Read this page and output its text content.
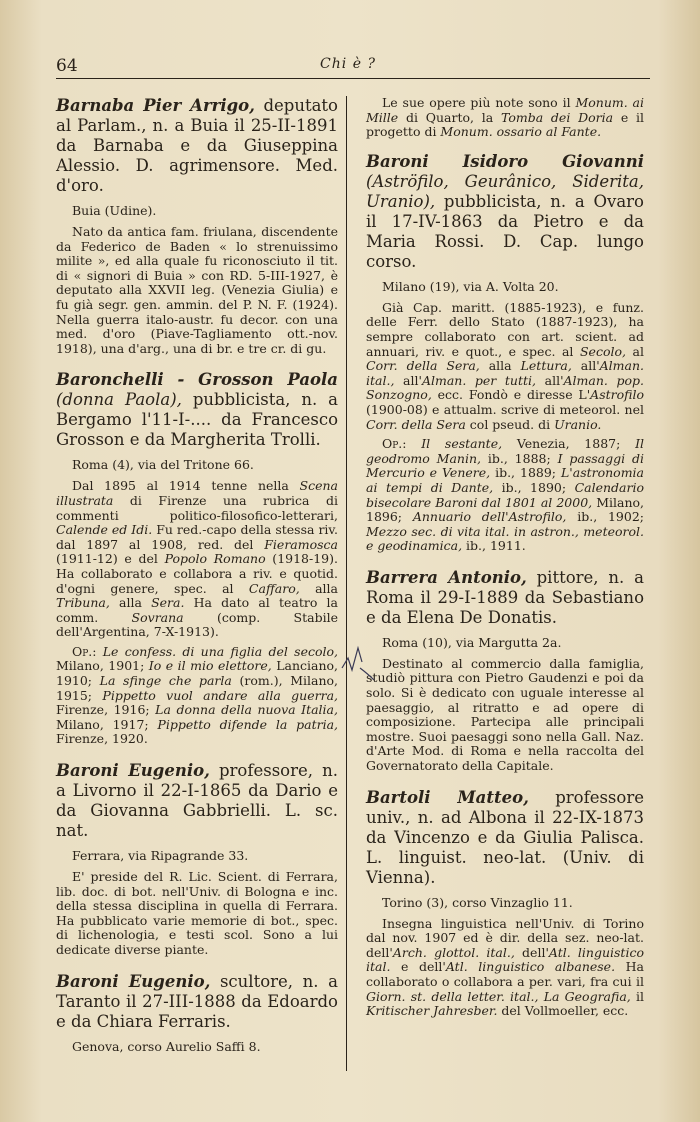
64	Chi è ?

Barnaba Pier Arrigo, deputato al Parlam., n. a Buia il 25-II-1891 da Barnaba e da Giuseppina Alessio. D. agrimensore. Med. d'oro.

Buia (Udine).

Nato da antica fam. friulana, discendente da Federico de Baden « lo strenuissimo milite », ed alla quale fu riconosciuto il tit. di « signori di Buia » con RD. 5-III-1927, è deputato alla XXVII leg. (Venezia Giulia) e fu già segr. gen. ammin. del P. N. F. (1924). Nella guerra italo-austr. fu decor. con una med. d'oro (Piave-Tagliamento ott.-nov. 1918), una d'arg., una di br. e tre cr. di gu.

Baronchelli - Grosson Paola (donna Paola), pubblicista, n. a Bergamo l'11-I-.... da Francesco Grosson e da Margherita Trolli.

Roma (4), via del Tritone 66.

Dal 1895 al 1914 tenne nella Scena illustrata di Firenze una rubrica di commenti politico-filosofico-letterari, Calende ed Idi. Fu red.-capo della stessa riv. dal 1897 al 1908, red. del Fieramosca (1911-12) e del Popolo Romano (1918-19). Ha collaborato e collabora a riv. e quotid. d'ogni genere, spec. al Caffaro, alla Tribuna, alla Sera. Ha dato al teatro la comm. Sovrana (comp. Stabile dell'Argentina, 7-X-1913).

Op.: Le confess. di una figlia del secolo, Milano, 1901; Io e il mio elettore, Lanciano, 1910; La sfinge che parla (rom.), Milano, 1915; Pippetto vuol andare alla guerra, Firenze, 1916; La donna della nuova Italia, Milano, 1917; Pippetto difende la patria, Firenze, 1920.

Baroni Eugenio, professore, n. a Livorno il 22-I-1865 da Dario e da Giovanna Gabbrielli. L. sc. nat.

Ferrara, via Ripagrande 33.

E' preside del R. Lic. Scient. di Ferrara, lib. doc. di bot. nell'Univ. di Bologna e inc. della stessa disciplina in quella di Ferrara. Ha pubblicato varie memorie di bot., spec. di lichenologia, e testi scol. Sono a lui dedicate diverse piante.

Baroni Eugenio, scultore, n. a Taranto il 27-III-1888 da Edoardo e da Chiara Ferraris.

Genova, corso Aurelio Saffi 8.

Le sue opere più note sono il Monum. ai Mille di Quarto, la Tomba dei Doria e il progetto di Monum. ossario al Fante.

Baroni Isidoro Giovanni (Aströfilo, Geurânico, Siderita, Uranio), pubblicista, n. a Ovaro il 17-IV-1863 da Pietro e da Maria Rossi. D. Cap. lungo corso.

Milano (19), via A. Volta 20.

Già Cap. maritt. (1885-1923), e funz. delle Ferr. dello Stato (1887-1923), ha sempre collaborato con art. scient. ad annuari, riv. e quot., e spec. al Secolo, al Corr. della Sera, alla Lettura, all'Alman. ital., all'Alman. per tutti, all'Alman. pop. Sonzogno, ecc. Fondò e diresse L'Astrofilo (1900-08) e attualm. scrive di meteorol. nel Corr. della Sera col pseud. di Uranio.

Op.: Il sestante, Venezia, 1887; Il geodromo Manin, ib., 1888; I passaggi di Mercurio e Venere, ib., 1889; L'astronomia ai tempi di Dante, ib., 1890; Calendario bisecolare Baroni dal 1801 al 2000, Milano, 1896; Annuario dell'Astrofilo, ib., 1902; Mezzo sec. di vita ital. in astron., meteorol. e geodinamica, ib., 1911.

Barrera Antonio, pittore, n. a Roma il 29-I-1889 da Sebastiano e da Elena De Donatis.

Roma (10), via Margutta 2a.

Destinato al commercio dalla famiglia, studiò pittura con Pietro Gaudenzi e poi da solo. Si è dedicato con uguale interesse al paesaggio, al ritratto e ad opere di composizione. Partecipa alle principali mostre. Suoi paesaggi sono nella Gall. Naz. d'Arte Mod. di Roma e nella raccolta del Governatorato della Capitale.

Bartoli Matteo, professore univ., n. ad Albona il 22-IX-1873 da Vincenzo e da Giulia Palisca. L. linguist. neo-lat. (Univ. di Vienna).

Torino (3), corso Vinzaglio 11.

Insegna linguistica nell'Univ. di Torino dal nov. 1907 ed è dir. della sez. neo-lat. dell'Arch. glottol. ital., dell'Atl. linguistico ital. e dell'Atl. linguistico albanese. Ha collaborato o collabora a per. vari, fra cui il Giorn. st. della letter. ital., La Geografia, il Kritischer Jahresber. del Vollmoeller, ecc.
